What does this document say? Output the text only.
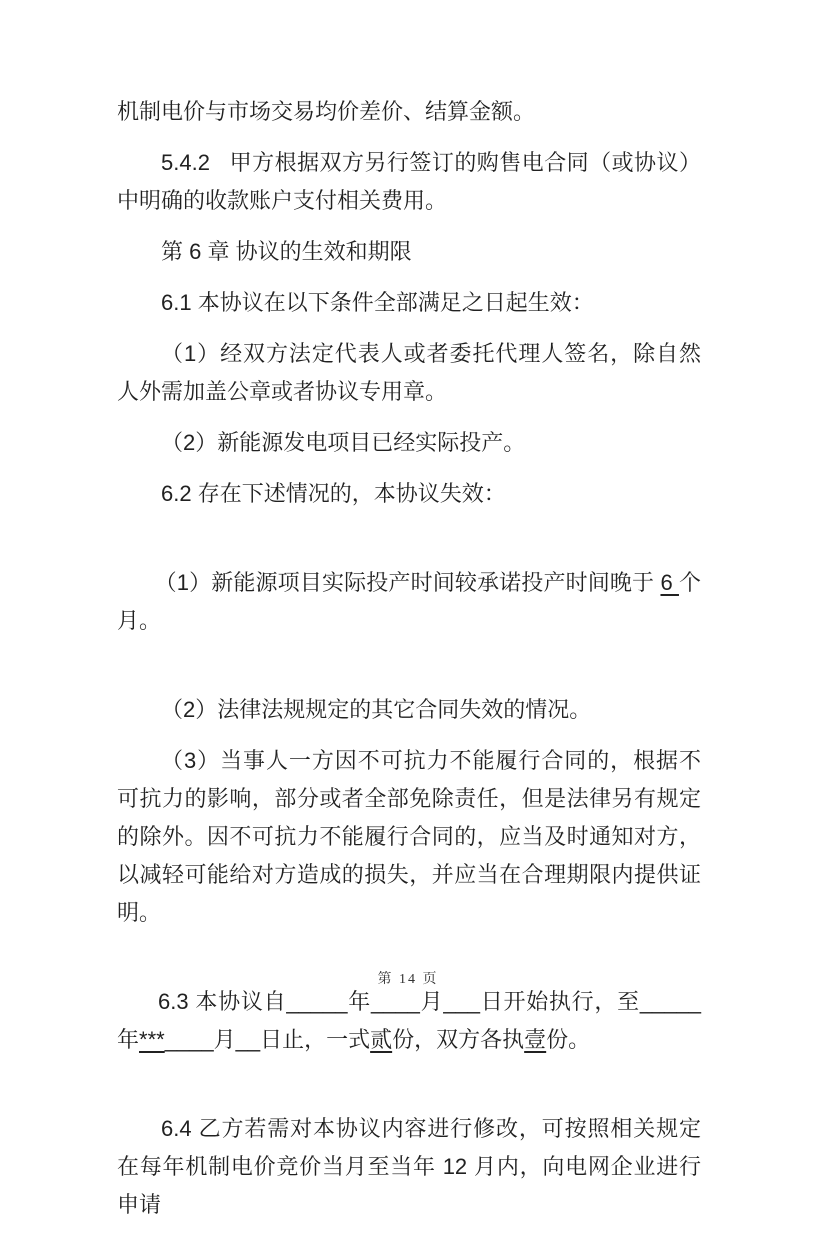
机制电价与市场交易均价差价、结算金额。

5.4.2   甲方根据双方另行签订的购售电合同（或协议）中明确的收款账户支付相关费用。

第 6 章 协议的生效和期限

6.1 本协议在以下条件全部满足之日起生效：

（1）经双方法定代表人或者委托代理人签名，除自然人外需加盖公章或者协议专用章。

（2）新能源发电项目已经实际投产。

6.2 存在下述情况的，本协议失效：

（1）新能源项目实际投产时间较承诺投产时间晚于 6 个月。

（2）法律法规规定的其它合同失效的情况。

（3）当事人一方因不可抗力不能履行合同的，根据不可抗力的影响，部分或者全部免除责任，但是法律另有规定的除外。因不可抗力不能履行合同的，应当及时通知对方，以减轻可能给对方造成的损失，并应当在合理期限内提供证明。

6.3 本协议自_____年____月___日开始执行，至_____年***____月__日止，一式贰份，双方各执壹份。

6.4 乙方若需对本协议内容进行修改，可按照相关规定在每年机制电价竞价当月至当年 12 月内，向电网企业进行申请

第 14 页
